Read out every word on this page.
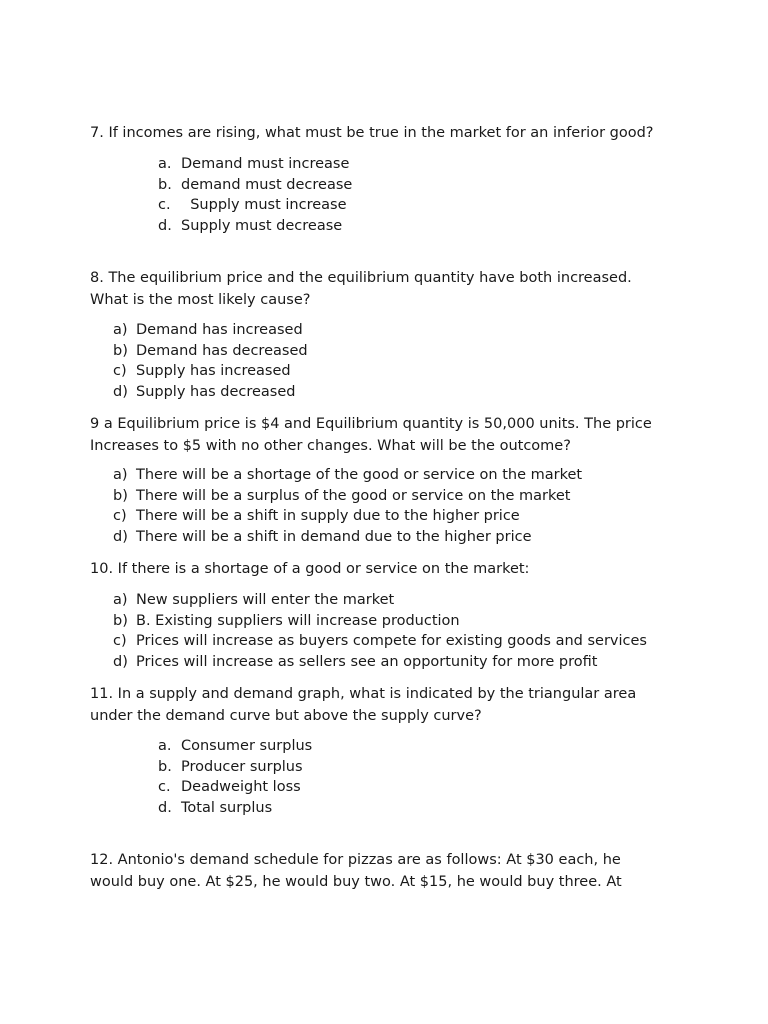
7. If incomes are rising, what must be true in the market for an inferior good?

a. Demand must increase
b. demand must decrease
c.  Supply must increase
d. Supply must decrease

8. The equilibrium price and the equilibrium quantity have both increased.
What is the most likely cause?

a) Demand has increased
b) Demand has decreased
c) Supply has increased
d) Supply has decreased

9 a Equilibrium price is $4 and Equilibrium quantity is 50,000 units. The price
Increases to $5 with no other changes. What will be the outcome?

a) There will be a shortage of the good or service on the market
b) There will be a surplus of the good or service on the market
c) There will be a shift in supply due to the higher price
d) There will be a shift in demand due to the higher price

10. If there is a shortage of a good or service on the market:

a) New suppliers will enter the market
b) B. Existing suppliers will increase production
c) Prices will increase as buyers compete for existing goods and services
d) Prices will increase as sellers see an opportunity for more profit

11. In a supply and demand graph, what is indicated by the triangular area
under the demand curve but above the supply curve?

a. Consumer surplus
b. Producer surplus
c. Deadweight loss
d. Total surplus

12. Antonio's demand schedule for pizzas are as follows: At $30 each, he
would buy one. At $25, he would buy two. At $15, he would buy three. At
